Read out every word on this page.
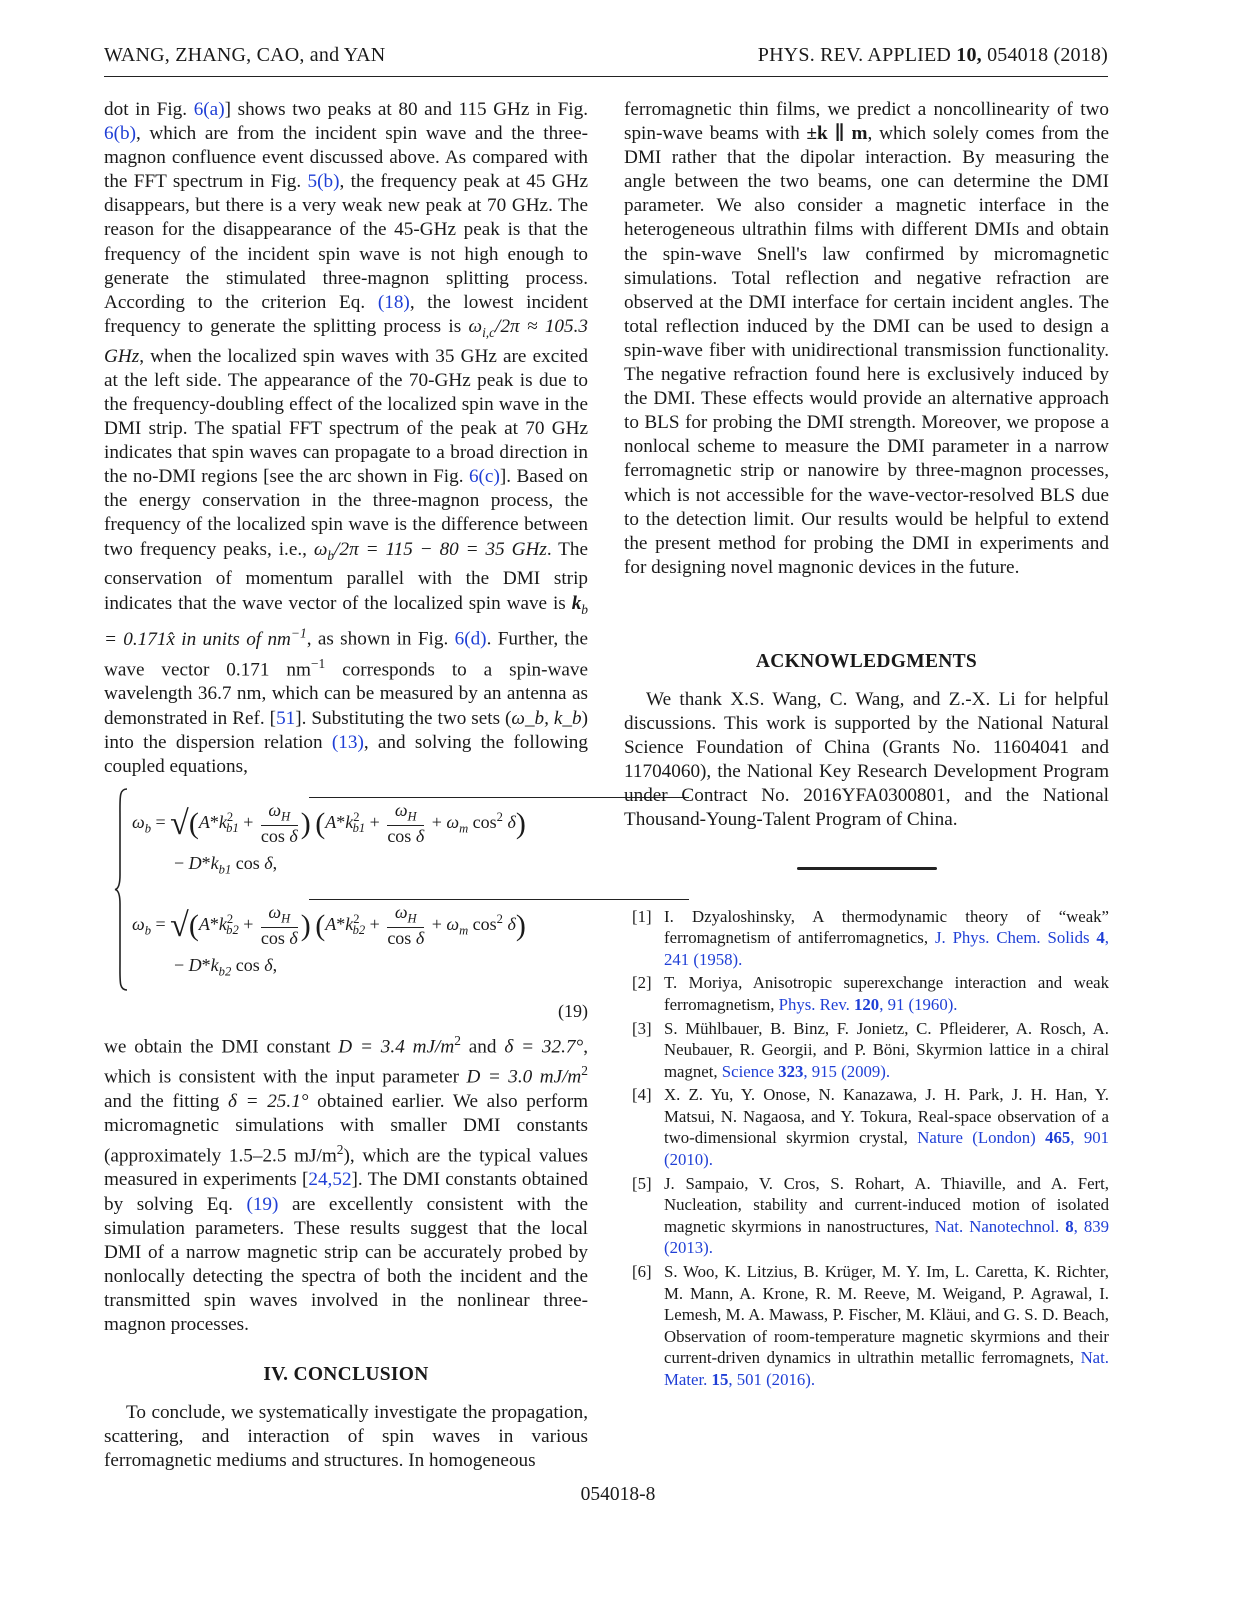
WANG, ZHANG, CAO, and YAN	PHYS. REV. APPLIED 10, 054018 (2018)

dot in Fig. 6(a)] shows two peaks at 80 and 115 GHz in Fig. 6(b), which are from the incident spin wave and the three-magnon confluence event discussed above. As compared with the FFT spectrum in Fig. 5(b), the frequency peak at 45 GHz disappears, but there is a very weak new peak at 70 GHz. The reason for the disappearance of the 45-GHz peak is that the frequency of the incident spin wave is not high enough to generate the stimulated three-magnon splitting process. According to the criterion Eq. (18), the lowest incident frequency to generate the splitting process is $\omega_{i,c}/2\pi \approx 105.3$ GHz, when the localized spin waves with 35 GHz are excited at the left side. The appearance of the 70-GHz peak is due to the frequency-doubling effect of the localized spin wave in the DMI strip. The spatial FFT spectrum of the peak at 70 GHz indicates that spin waves can propagate to a broad direction in the no-DMI regions [see the arc shown in Fig. 6(c)]. Based on the energy conservation in the three-magnon process, the frequency of the localized spin wave is the difference between two frequency peaks, i.e., $\omega_b/2\pi = 115 - 80 = 35$ GHz. The conservation of momentum parallel with the DMI strip indicates that the wave vector of the localized spin wave is $k_b$ = 0.171x̂ in units of $nm^{-1}$, as shown in Fig. 6(d). Further, the wave vector 0.171 $nm^{-1}$ corresponds to a spin-wave wavelength 36.7 nm, which can be measured by an antenna as demonstrated in Ref. [51]. Substituting the two sets (ω_b, k_b) into the dispersion relation (13), and solving the following coupled equations,

$\omega_b = √(A*k^2_{b1} + \frac{\omega_H}{\text{cos δ}}$ ) ($A*k^2_{b1} + \frac{\omega_H}{\text{cos δ}} + \omega_m$ $\cos^2 \delta$)
− $D*k_{b1}$ cos δ,
$\omega_b = √(A*k^2_{b2} + \frac{\omega_H}{\text{cos δ}}$ ) ($A*k^2_{b2} + \frac{\omega_H}{\text{cos δ}} + \omega_m$ $\cos^2 \delta$)
− $D*k_{b2}$ cos δ,
(19)

we obtain the DMI constant D = 3.4 $mJ/m^2$ and δ = 32.7°, which is consistent with the input parameter D = 3.0 $mJ/m^2$ and the fitting δ = 25.1° obtained earlier. We also perform micromagnetic simulations with smaller DMI constants (approximately 1.5–2.5 $mJ/m^2$), which are the typical values measured in experiments [24,52]. The DMI constants obtained by solving Eq. (19) are excellently consistent with the simulation parameters. These results suggest that the local DMI of a narrow magnetic strip can be accurately probed by nonlocally detecting the spectra of both the incident and the transmitted spin waves involved in the nonlinear three-magnon processes.

IV. CONCLUSION

To conclude, we systematically investigate the propagation, scattering, and interaction of spin waves in various ferromagnetic mediums and structures. In homogeneous

ferromagnetic thin films, we predict a noncollinearity of two spin-wave beams with ±k ∥ m, which solely comes from the DMI rather that the dipolar interaction. By measuring the angle between the two beams, one can determine the DMI parameter. We also consider a magnetic interface in the heterogeneous ultrathin films with different DMIs and obtain the spin-wave Snell's law confirmed by micromagnetic simulations. Total reflection and negative refraction are observed at the DMI interface for certain incident angles. The total reflection induced by the DMI can be used to design a spin-wave fiber with unidirectional transmission functionality. The negative refraction found here is exclusively induced by the DMI. These effects would provide an alternative approach to BLS for probing the DMI strength. Moreover, we propose a nonlocal scheme to measure the DMI parameter in a narrow ferromagnetic strip or nanowire by three-magnon processes, which is not accessible for the wave-vector-resolved BLS due to the detection limit. Our results would be helpful to extend the present method for probing the DMI in experiments and for designing novel magnonic devices in the future.

ACKNOWLEDGMENTS

We thank X.S. Wang, C. Wang, and Z.-X. Li for helpful discussions. This work is supported by the National Natural Science Foundation of China (Grants No. 11604041 and 11704060), the National Key Research Development Program under Contract No. 2016YFA0300801, and the National Thousand-Young-Talent Program of China.

[1] I. Dzyaloshinsky, A thermodynamic theory of “weak” ferromagnetism of antiferromagnetics, J. Phys. Chem. Solids 4, 241 (1958).
[2] T. Moriya, Anisotropic superexchange interaction and weak ferromagnetism, Phys. Rev. 120, 91 (1960).
[3] S. Mühlbauer, B. Binz, F. Jonietz, C. Pfleiderer, A. Rosch, A. Neubauer, R. Georgii, and P. Böni, Skyrmion lattice in a chiral magnet, Science 323, 915 (2009).
[4] X. Z. Yu, Y. Onose, N. Kanazawa, J. H. Park, J. H. Han, Y. Matsui, N. Nagaosa, and Y. Tokura, Real-space observation of a two-dimensional skyrmion crystal, Nature (London) 465, 901 (2010).
[5] J. Sampaio, V. Cros, S. Rohart, A. Thiaville, and A. Fert, Nucleation, stability and current-induced motion of isolated magnetic skyrmions in nanostructures, Nat. Nanotechnol. 8, 839 (2013).
[6] S. Woo, K. Litzius, B. Krüger, M. Y. Im, L. Caretta, K. Richter, M. Mann, A. Krone, R. M. Reeve, M. Weigand, P. Agrawal, I. Lemesh, M. A. Mawass, P. Fischer, M. Kläui, and G. S. D. Beach, Observation of room-temperature magnetic skyrmions and their current-driven dynamics in ultrathin metallic ferromagnets, Nat. Mater. 15, 501 (2016).
054018-8
